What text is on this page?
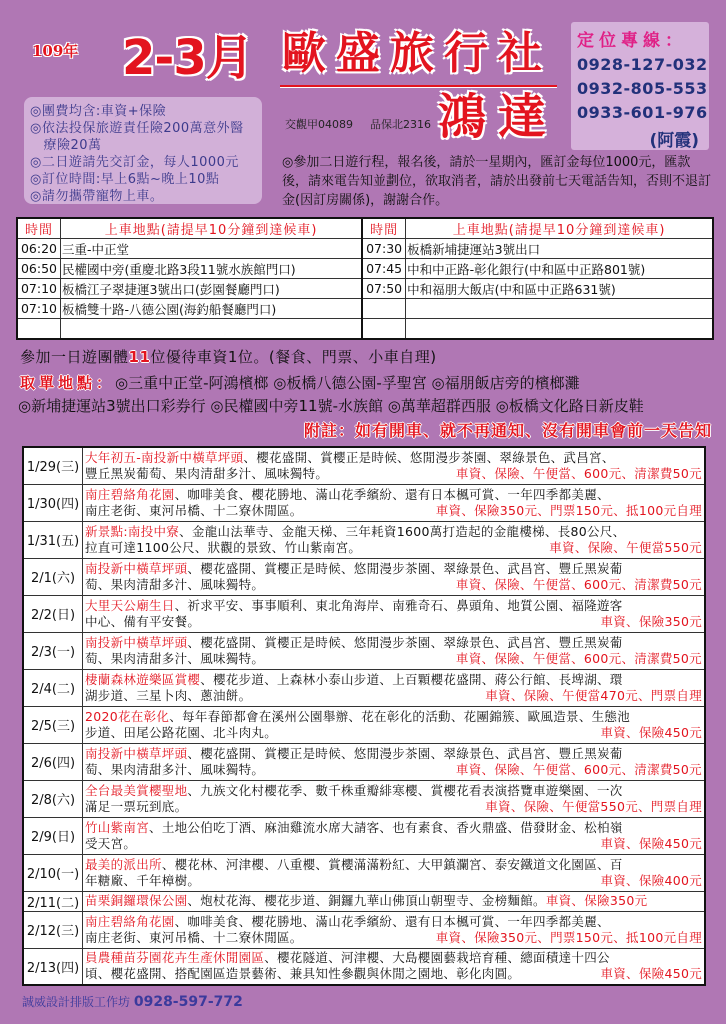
109年 2-3月 歐盛旅行社
鴻達
交觀甲04089 品保北2316
定位專線：
0928-127-032
0932-805-553
0933-601-976
(阿霞)
◎團費均含:車資+保險
◎依法投保旅遊責任險200萬意外醫
　療險20萬
◎二日遊請先交訂金，每人1000元
◎訂位時間:早上6點~晚上10點
◎請勿攜帶寵物上車。
◎參加二日遊行程，報名後，請於一星期內，匯訂金每位1000元，匯款後，請來電告知並劃位，欲取消者，請於出發前七天電話告知，否則不退訂金(因訂房關係)，謝謝合作。
時間	上車地點(請提早10分鐘到達候車)	時間	上車地點(請提早10分鐘到達候車)
06:20	三重-中正堂	07:30	板橋新埔捷運站3號出口
06:50	民權國中旁(重慶北路3段11號水族館門口)	07:45	中和中正路-彰化銀行(中和區中正路801號)
07:10	板橋江子翠捷運3號出口(彭園餐廳門口)	07:50	中和福朋大飯店(中和區中正路631號)
07:10	板橋雙十路-八德公園(海釣船餐廳門口)		

參加一日遊團體11位優待車資1位。(餐食、門票、小車自理)
取單地點：◎三重中正堂-阿鴻檳榔 ◎板橋八德公園-孚聖宮 ◎福朋飯店旁的檳榔灘
◎新埔捷運站3號出口彩券行 ◎民權國中旁11號-水族館 ◎萬華超群西服 ◎板橋文化路日新皮鞋
附註：如有開車、就不再通知、沒有開車會前一天告知
1/29(三)	大年初五-南投新中橫草坪頭、櫻花盛開、賞櫻正是時候、悠閒漫步茶園、翠綠景色、武昌宮、
豐丘黑炭葡萄、果肉清甜多汁、風味獨特。 車資、保險、午便當、600元、清潔費50元

1/30(四)	南庄碧絡角花園、咖啡美食、櫻花勝地、滿山花季繽紛、還有日本楓可賞、一年四季都美麗、
南庄老街、東河吊橋、十二寮休閒區。 車資、保險350元、門票150元、抵100元自理

1/31(五)	新景點:南投中寮、金龍山法華寺、金龍天梯、三年耗資1600萬打造起的金龍樓梯、長80公尺、
拉直可達1100公尺、狀觀的景致、竹山紫南宮。 車資、保險、午便當550元

2/1(六)	南投新中橫草坪頭、櫻花盛開、賞櫻正是時候、悠閒漫步茶園、翠綠景色、武昌宮、豐丘黑炭葡
萄、果肉清甜多汁、風味獨特。 車資、保險、午便當、600元、清潔費50元

2/2(日)	大里天公廟生日、祈求平安、事事順利、東北角海岸、南雅奇石、鼻頭角、地質公園、福隆遊客
中心、備有平安餐。 車資、保險350元

2/3(一)	南投新中橫草坪頭、櫻花盛開、賞櫻正是時候、悠閒漫步茶園、翠綠景色、武昌宮、豐丘黑炭葡
萄、果肉清甜多汁、風味獨特。 車資、保險、午便當、600元、清潔費50元

2/4(二)	棲蘭森林遊樂區賞櫻、櫻花步道、上森林小泰山步道、上百顆櫻花盛開、蔣公行館、長埤湖、環
湖步道、三星卜肉、蔥油餅。 車資、保險、午便當470元、門票自理

2/5(三)	2020花在彰化、每年春節都會在溪州公園舉辦、花在彰化的活動、花團錦簇、歐風造景、生態池
步道、田尾公路花園、北斗肉丸。 車資、保險450元

2/6(四)	南投新中橫草坪頭、櫻花盛開、賞櫻正是時候、悠閒漫步茶園、翠綠景色、武昌宮、豐丘黑炭葡
萄、果肉清甜多汁、風味獨特。 車資、保險、午便當、600元、清潔費50元

2/8(六)	全台最美賞櫻聖地、九族文化村櫻花季、數千株重瓣緋寒櫻、賞櫻花看表演搭覽車遊樂園、一次
滿足一票玩到底。 車資、保險、午便當550元、門票自理

2/9(日)	竹山紫南宮、土地公伯吃丁酒、麻油雞流水席大請客、也有素食、香火鼎盛、借發財金、松柏嶺
受天宮。 車資、保險450元

2/10(一)	最美的派出所、櫻花林、河津櫻、八重櫻、賞櫻滿滿粉紅、大甲鎮瀾宮、泰安鐵道文化園區、百
年糖廠、千年樟樹。 車資、保險400元

2/11(二)	苗栗銅鑼環保公園、炮杖花海、櫻花步道、銅鑼九華山佛頂山朝聖寺、金榜麵館。車資、保險350元
2/12(三)	南庄碧絡角花園、咖啡美食、櫻花勝地、滿山花季繽紛、還有日本楓可賞、一年四季都美麗、
南庄老街、東河吊橋、十二寮休閒區。 車資、保險350元、門票150元、抵100元自理

2/13(四)	員農種苗芬園花卉生產休閒園區、櫻花隧道、河津櫻、大島櫻園藝栽培育種、總面積達十四公
頃、櫻花盛開、搭配園區造景藝術、兼具知性參觀與休閒之園地、彰化肉圓。 車資、保險450元
誠威設計排版工作坊 0928-597-772
